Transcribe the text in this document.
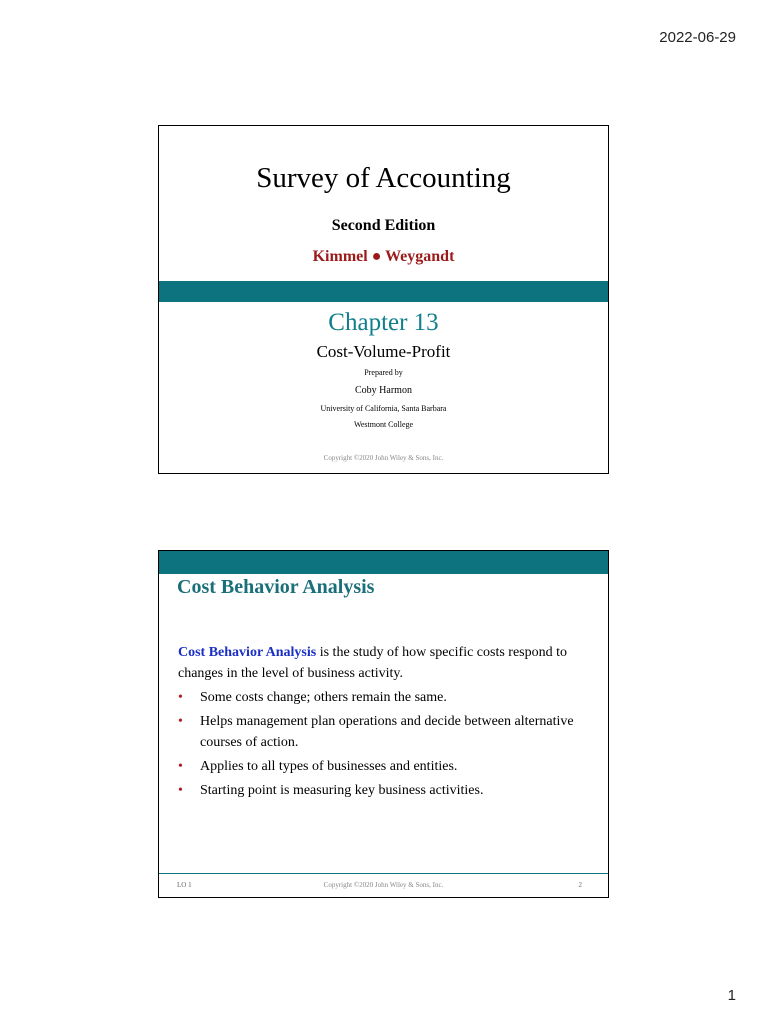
2022-06-29
Survey of Accounting
Second Edition
Kimmel ● Weygandt
Chapter 13
Cost-Volume-Profit
Prepared by
Coby Harmon
University of California, Santa Barbara
Westmont College
Copyright ©2020 John Wiley & Sons, Inc.
Cost Behavior Analysis
Cost Behavior Analysis is the study of how specific costs respond to changes in the level of business activity.
• Some costs change; others remain the same.
• Helps management plan operations and decide between alternative courses of action.
• Applies to all types of businesses and entities.
• Starting point is measuring key business activities.
LO 1	Copyright ©2020 John Wiley & Sons, Inc.	2
1
